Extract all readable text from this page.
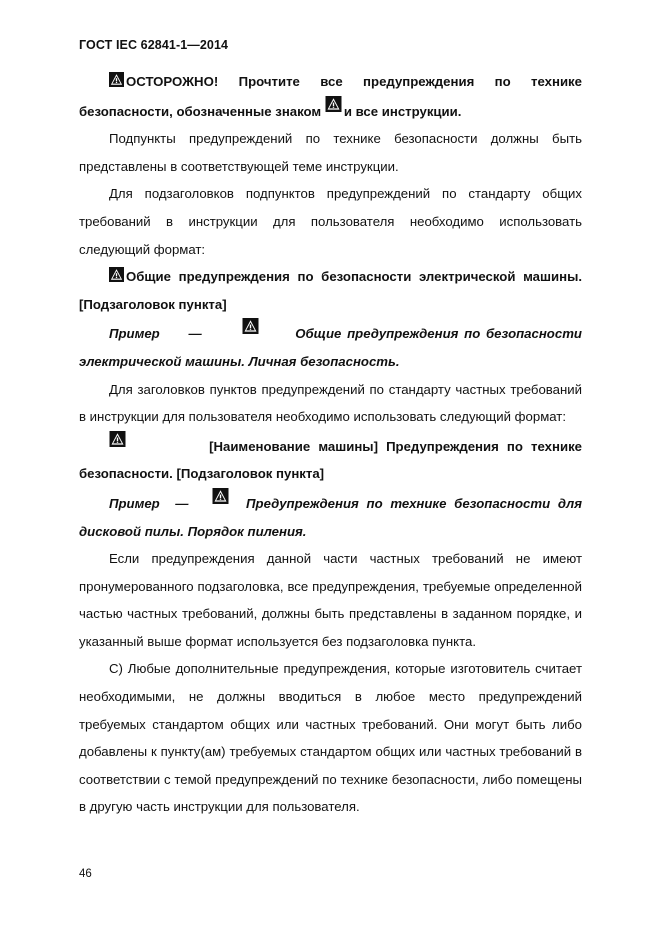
ГОСТ IEC 62841-1—2014

ОСТОРОЖНО! Прочтите все предупреждения по технике

безопасности, обозначенные знаком и все инструкции.

Подпункты предупреждений по технике безопасности должны быть представлены в соответствующей теме инструкции.

Для подзаголовков подпунктов предупреждений по стандарту общих требований в инструкции для пользователя необходимо использовать следующий формат:

Общие предупреждения по безопасности электрической машины.

[Подзаголовок пункта]

Пример —	Общие предупреждения по безопасности

электрической машины. Личная безопасность.

Для заголовков пунктов предупреждений по стандарту частных требований в инструкции для пользователя необходимо использовать следующий формат:

[Наименование машины] Предупреждения по технике

безопасности. [Подзаголовок пункта]

Пример —	Предупреждения по технике безопасности для

дисковой пилы. Порядок пиления.

Если предупреждения данной части частных требований не имеют пронумерованного подзаголовка, все предупреждения, требуемые определенной частью частных требований, должны быть представлены в заданном порядке, и указанный выше формат используется без подзаголовка пункта.

C) Любые дополнительные предупреждения, которые изготовитель считает необходимыми, не должны вводиться в любое место предупреждений требуемых стандартом общих или частных требований. Они могут быть либо добавлены к пункту(ам) требуемых стандартом общих или частных требований в соответствии с темой предупреждений по технике безопасности, либо помещены в другую часть инструкции для пользователя.

46
